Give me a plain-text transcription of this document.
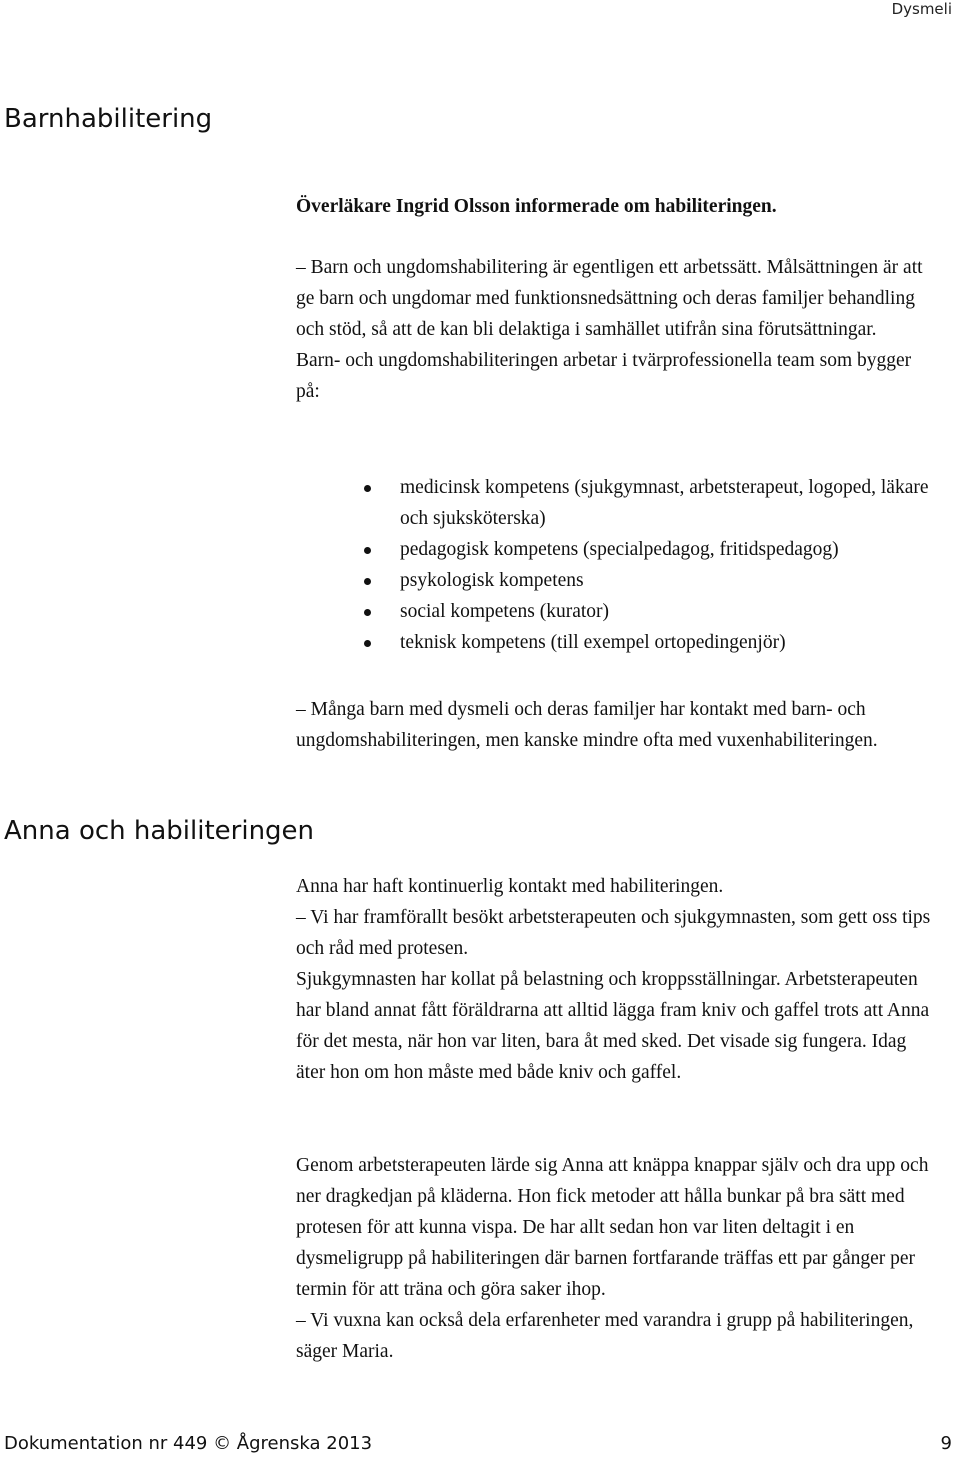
Dysmeli
Barnhabilitering

Överläkare Ingrid Olsson informerade om habiliteringen.

– Barn och ungdomshabilitering är egentligen ett arbetssätt. Målsättningen är att ge barn och ungdomar med funktionsnedsättning och deras familjer behandling och stöd, så att de kan bli delaktiga i samhället utifrån sina förutsättningar.

Barn- och ungdomshabiliteringen arbetar i tvärprofessionella team som bygger på:

medicinsk kompetens (sjukgymnast, arbetsterapeut, logoped, läkare och sjuksköterska)
pedagogisk kompetens (specialpedagog, fritidspedagog)
psykologisk kompetens
social kompetens (kurator)
teknisk kompetens (till exempel ortopedingenjör)

– Många barn med dysmeli och deras familjer har kontakt med barn- och ungdomshabiliteringen, men kanske mindre ofta med vuxenhabiliteringen.

Anna och habiliteringen

Anna har haft kontinuerlig kontakt med habiliteringen.

– Vi har framförallt besökt arbetsterapeuten och sjukgymnasten, som gett oss tips och råd med protesen.

Sjukgymnasten har kollat på belastning och kroppsställningar. Arbetsterapeuten har bland annat fått föräldrarna att alltid lägga fram kniv och gaffel trots att Anna för det mesta, när hon var liten, bara åt med sked. Det visade sig fungera. Idag äter hon om hon måste med både kniv och gaffel.

Genom arbetsterapeuten lärde sig Anna att knäppa knappar själv och dra upp och ner dragkedjan på kläderna. Hon fick metoder att hålla bunkar på bra sätt med protesen för att kunna vispa. De har allt sedan hon var liten deltagit i en dysmeligrupp på habiliteringen där barnen fortfarande träffas ett par gånger per termin för att träna och göra saker ihop.

– Vi vuxna kan också dela erfarenheter med varandra i grupp på habiliteringen, säger Maria.

Dokumentation nr 449 © Ågrenska 2013	9
